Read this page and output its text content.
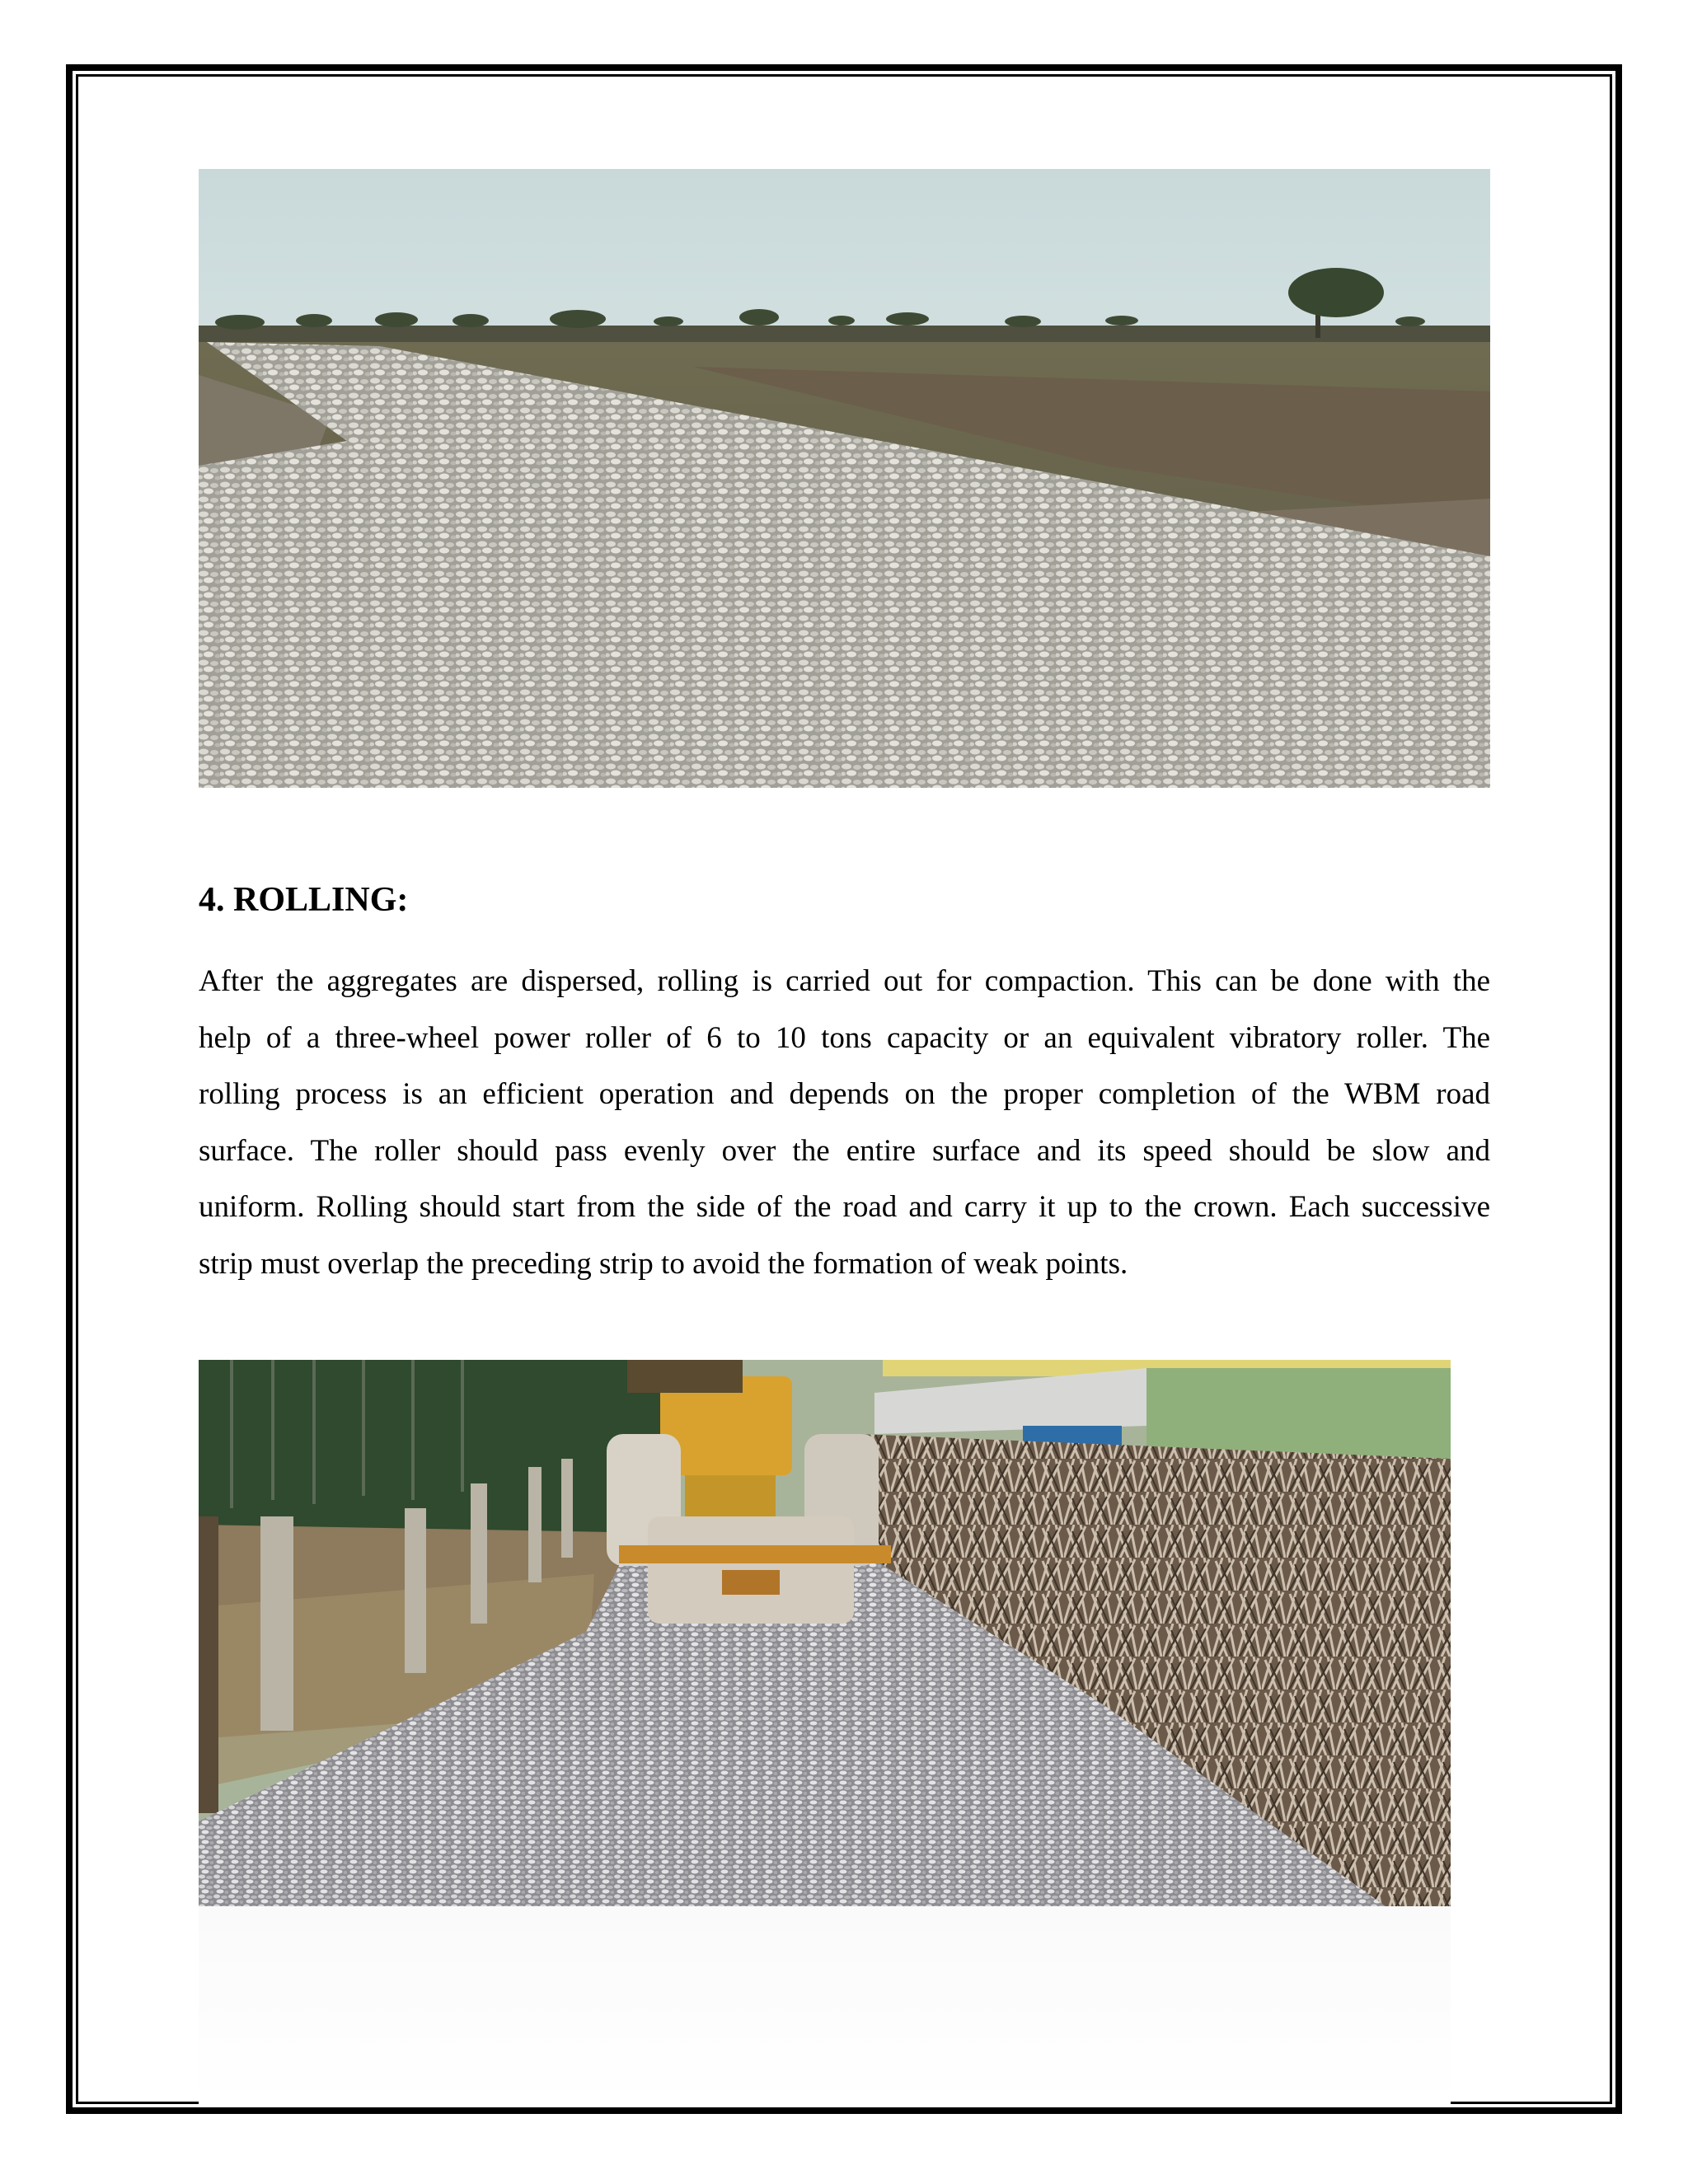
4. ROLLING:

After the aggregates are dispersed, rolling is carried out for compaction. This can be done with the
help of a three-wheel power roller of 6 to 10 tons capacity or an equivalent vibratory roller. The
rolling process is an efficient operation and depends on the proper completion of the WBM road
surface. The roller should pass evenly over the entire surface and its speed should be slow and
uniform. Rolling should start from the side of the road and carry it up to the crown. Each successive
strip must overlap the preceding strip to avoid the formation of weak points.
